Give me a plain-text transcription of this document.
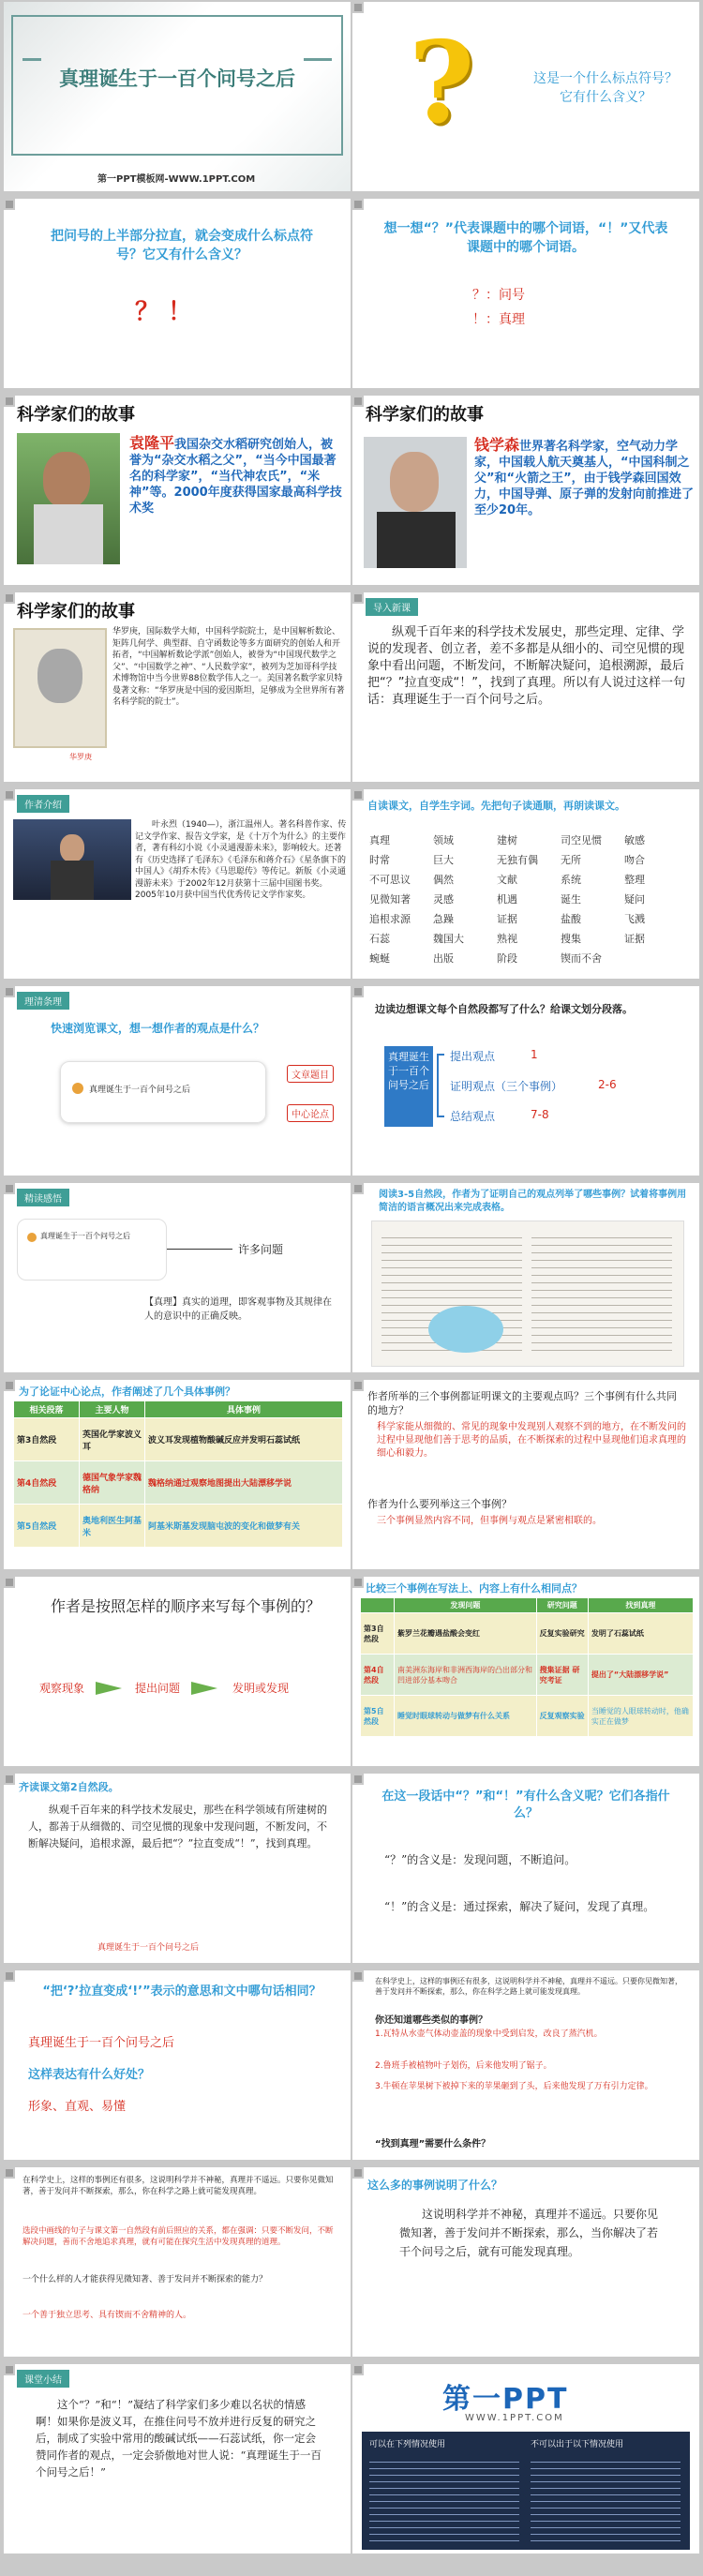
真理诞生于一百个问号之后
第一PPT模板网-WWW.1PPT.COM
?	这是一个什么标点符号？它有什么含义？
把问号的上半部分拉直，就会变成什么标点符号？它又有什么含义？
？ ！
想一想“？”代表课题中的哪个词语，“！”又代表课题中的哪个词语。
？：问号
！：真理
科学家们的故事
袁隆平我国杂交水稻研究创始人，被誉为“杂交水稻之父”，“当今中国最著名的科学家”，“当代神农氏”，“米神”等。2000年度获得国家最高科学技术奖
科学家们的故事
钱学森世界著名科学家，空气动力学家，中国载人航天奠基人，“中国科制之父”和“火箭之王”，由于钱学森回国效力，中国导弹、原子弹的发射向前推进了至少20年。
科学家们的故事
华罗庚
华罗庚，国际数学大师，中国科学院院士，是中国解析数论、矩阵几何学、典型群、自守函数论等多方面研究的创始人和开拓者，“中国解析数论学派”创始人，被誉为“中国现代数学之父”、“中国数学之神”、“人民数学家”，被列为芝加哥科学技术博物馆中当今世界88位数学伟人之一。美国著名数学家贝特曼著文称：“华罗庚是中国的爱因斯坦，足够成为全世界所有著名科学院的院士”。
导入新课
纵观千百年来的科学技术发展史，那些定理、定律、学说的发现者、创立者，差不多都是从细小的、司空见惯的现象中看出问题，不断发问，不断解决疑问，追根溯源，最后把“？”拉直变成“！”，找到了真理。所以有人说过这样一句话：真理诞生于一百个问号之后。
作者介绍
叶永烈（1940—），浙江温州人。著名科普作家、传记文学作家、报告文学家，是《十万个为什么》的主要作者，著有科幻小说《小灵通漫游未来》，影响较大。还著有《历史选择了毛泽东》《毛泽东和蒋介石》《星条旗下的中国人》《胡乔木传》《马思聪传》等传记。新版《小灵通漫游未来》于2002年12月获第十三届中国图书奖。2005年10月获中国当代优秀传记文学作家奖。
自读课文，自学生字词。先把句子读通顺，再朗读课文。
真理	领域	建树	司空见惯	敏感
时常	巨大	无独有偶	无所	吻合
不可思议	偶然	文献	系统	整理
见微知著	灵感	机遇	诞生	疑问
追根求源	急躁	证据	盐酸	飞溅
石蕊	魏国大	熟视	搜集	证据
蜿蜒	出版	阶段	锲而不舍
理清条理
快速浏览课文，想一想作者的观点是什么？
真理诞生于一百个问号之后
文章题目
中心论点
边读边想课文每个自然段都写了什么？给课文划分段落。
真理诞生于一百个问号之后
提出观点
证明观点（三个事例）
总结观点
1
2-6
7-8
精读感悟
真理诞生于一百个问号之后
许多问题
【真理】真实的道理，即客观事物及其规律在人的意识中的正确反映。
阅读3-5自然段，作者为了证明自己的观点列举了哪些事例？试着将事例用简洁的语言概况出来完成表格。
为了论证中心论点，作者阐述了几个具体事例？
相关段落	主要人物	具体事例
第3自然段	英国化学家波义耳	波义耳发现植物酸碱反应并发明石蕊试纸
第4自然段	德国气象学家魏格纳	魏格纳通过观察地图提出大陆漂移学说
第5自然段	奥地利医生阿基米	阿基米斯基发现脑屯波的变化和做梦有关
作者所举的三个事例都证明课文的主要观点吗？三个事例有什么共同的地方？
科学家能从细微的、常见的现象中发现别人观察不到的地方，在不断发问的过程中显现他们善于思考的品质，在不断探索的过程中显现他们追求真理的细心和毅力。
作者为什么要列举这三个事例？
三个事例显然内容不同，但事例与观点是紧密相联的。
作者是按照怎样的顺序来写每个事例的？
观察现象	提出问题	发明或发现
比较三个事例在写法上、内容上有什么相同点？
	发现问题	研究问题	找到真理
第3自然段	紫罗兰花瓣遇盐酸会变红	反复实验研究	发明了石蕊试纸
第4自然段	南美洲东海岸和非洲西海岸的凸出部分和凹进部分基本吻合	搜集证据 研究考证	提出了“大陆漂移学说”
第5自然段	睡觉时眼球转动与做梦有什么关系	反复观察实验	当睡觉的人眼球转动时，他确实正在做梦
齐读课文第2自然段。
纵观千百年来的科学技术发展史，那些在科学领域有所建树的人，都善于从细微的、司空见惯的现象中发现问题，不断发问，不断解决疑问，追根求源，最后把“？”拉直变成“！”，找到真理。
真理诞生于一百个问号之后
在这一段话中“？”和“！”有什么含义呢？它们各指什么？
“？”的含义是：发现问题，不断追问。
“！”的含义是：通过探索，解决了疑问，发现了真理。
“把‘?’拉直变成‘!’”表示的意思和文中哪句话相同？
真理诞生于一百个问号之后
这样表达有什么好处？
形象、直观、易懂
在科学史上，这样的事例还有很多，这说明科学并不神秘，真理并不遥远。只要你见微知著，善于发问并不断探索，那么，你在科学之路上就可能发现真理。
你还知道哪些类似的事例？
1.瓦特从水壶气体动壶盖的现象中受到启发，改良了蒸汽机。
2.鲁班手被植物叶子划伤，后来他发明了锯子。
3.牛顿在苹果树下被掉下来的苹果砸到了头，后来他发现了万有引力定律。
“找到真理”需要什么条件？
在科学史上，这样的事例还有很多，这说明科学并不神秘，真理并不遥远。只要你见微知著，善于发问并不断探索，那么，你在科学之路上就可能发现真理。
选段中画线的句子与课文第一自然段有前后照应的关系，都在强调：只要不断发问，不断解决问题，善而不舍地追求真理，就有可能在探究生活中发现真理的道理。
一个什么样的人才能获得见微知著、善于发问并不断探索的能力？
一个善于独立思考、具有锲而不舍精神的人。
这么多的事例说明了什么？
这说明科学并不神秘，真理并不遥远。只要你见微知著，善于发问并不断探索，那么，当你解决了若干个问号之后，就有可能发现真理。
课堂小结
这个“？”和“！”凝结了科学家们多少难以名状的情感啊！如果你是波义耳，在推住问号不放并进行反复的研究之后，制成了实验中常用的酸碱试纸——石蕊试纸，你一定会赞同作者的观点，一定会骄傲地对世人说：“真理诞生于一百个问号之后！”
第一PPT
WWW.1PPT.COM
可以在下列情况使用	不可以出于以下情况使用
